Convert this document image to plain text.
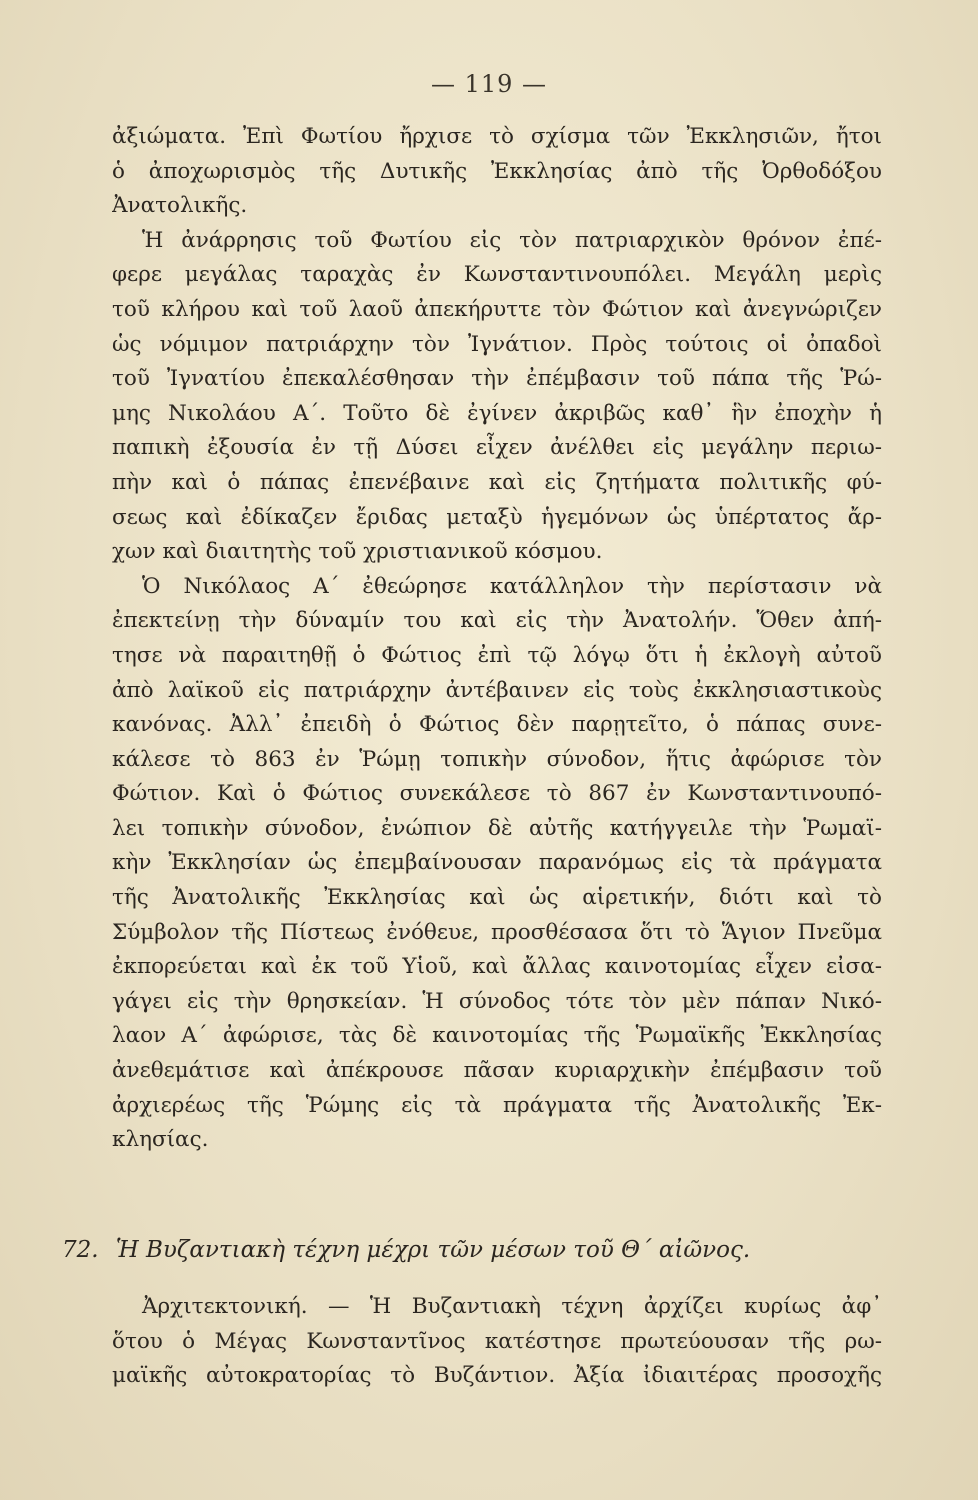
— 119 —
ἀξιώματα. Ἐπὶ Φωτίου ἤρχισε τὸ σχίσμα τῶν Ἐκκλησιῶν, ἤτοι
ὁ ἀποχωρισμὸς τῆς Δυτικῆς Ἐκκλησίας ἀπὸ τῆς Ὀρθοδόξου
Ἀνατολικῆς.
Ἡ ἀνάρρησις τοῦ Φωτίου εἰς τὸν πατριαρχικὸν θρόνον ἐπέ-
φερε μεγάλας ταραχὰς ἐν Κωνσταντινουπόλει. Μεγάλη μερὶς
τοῦ κλήρου καὶ τοῦ λαοῦ ἀπεκήρυττε τὸν Φώτιον καὶ ἀνεγνώριζεν
ὡς νόμιμον πατριάρχην τὸν Ἰγνάτιον. Πρὸς τούτοις οἱ ὀπαδοὶ
τοῦ Ἰγνατίου ἐπεκαλέσθησαν τὴν ἐπέμβασιν τοῦ πάπα τῆς Ῥώ-
μης Νικολάου Α΄. Τοῦτο δὲ ἐγίνεν ἀκριβῶς καθ᾽ ἣν ἐποχὴν ἡ
παπικὴ ἐξουσία ἐν τῇ Δύσει εἶχεν ἀνέλθει εἰς μεγάλην περιω-
πὴν καὶ ὁ πάπας ἐπενέβαινε καὶ εἰς ζητήματα πολιτικῆς φύ-
σεως καὶ ἐδίκαζεν ἔριδας μεταξὺ ἡγεμόνων ὡς ὑπέρτατος ἄρ-
χων καὶ διαιτητὴς τοῦ χριστιανικοῦ κόσμου.
Ὁ Νικόλαος Α΄ ἐθεώρησε κατάλληλον τὴν περίστασιν νὰ
ἐπεκτείνῃ τὴν δύναμίν του καὶ εἰς τὴν Ἀνατολήν. Ὅθεν ἀπή-
τησε νὰ παραιτηθῇ ὁ Φώτιος ἐπὶ τῷ λόγῳ ὅτι ἡ ἐκλογὴ αὐτοῦ
ἀπὸ λαϊκοῦ εἰς πατριάρχην ἀντέβαινεν εἰς τοὺς ἐκκλησιαστικοὺς
κανόνας. Ἀλλ᾽ ἐπειδὴ ὁ Φώτιος δὲν παρῃτεῖτο, ὁ πάπας συνε-
κάλεσε τὸ 863 ἐν Ῥώμῃ τοπικὴν σύνοδον, ἥτις ἀφώρισε τὸν
Φώτιον. Καὶ ὁ Φώτιος συνεκάλεσε τὸ 867 ἐν Κωνσταντινουπό-
λει τοπικὴν σύνοδον, ἐνώπιον δὲ αὐτῆς κατήγγειλε τὴν Ῥωμαϊ-
κὴν Ἐκκλησίαν ὡς ἐπεμβαίνουσαν παρανόμως εἰς τὰ πράγματα
τῆς Ἀνατολικῆς Ἐκκλησίας καὶ ὡς αἱρετικήν, διότι καὶ τὸ
Σύμβολον τῆς Πίστεως ἐνόθευε, προσθέσασα ὅτι τὸ Ἅγιον Πνεῦμα
ἐκπορεύεται καὶ ἐκ τοῦ Υἱοῦ, καὶ ἄλλας καινοτομίας εἶχεν εἰσα-
γάγει εἰς τὴν θρησκείαν. Ἡ σύνοδος τότε τὸν μὲν πάπαν Νικό-
λαον Α΄ ἀφώρισε, τὰς δὲ καινοτομίας τῆς Ῥωμαϊκῆς Ἐκκλησίας
ἀνεθεμάτισε καὶ ἀπέκρουσε πᾶσαν κυριαρχικὴν ἐπέμβασιν τοῦ
ἀρχιερέως τῆς Ῥώμης εἰς τὰ πράγματα τῆς Ἀνατολικῆς Ἐκ-
κλησίας.
72. Ἡ Βυζαντιακὴ τέχνη μέχρι τῶν μέσων τοῦ Θ΄ αἰῶνος.
Ἀρχιτεκτονική. — Ἡ Βυζαντιακὴ τέχνη ἀρχίζει κυρίως ἀφ᾽
ὅτου ὁ Μέγας Κωνσταντῖνος κατέστησε πρωτεύουσαν τῆς ρω-
μαϊκῆς αὐτοκρατορίας τὸ Βυζάντιον. Ἀξία ἰδιαιτέρας προσοχῆς
